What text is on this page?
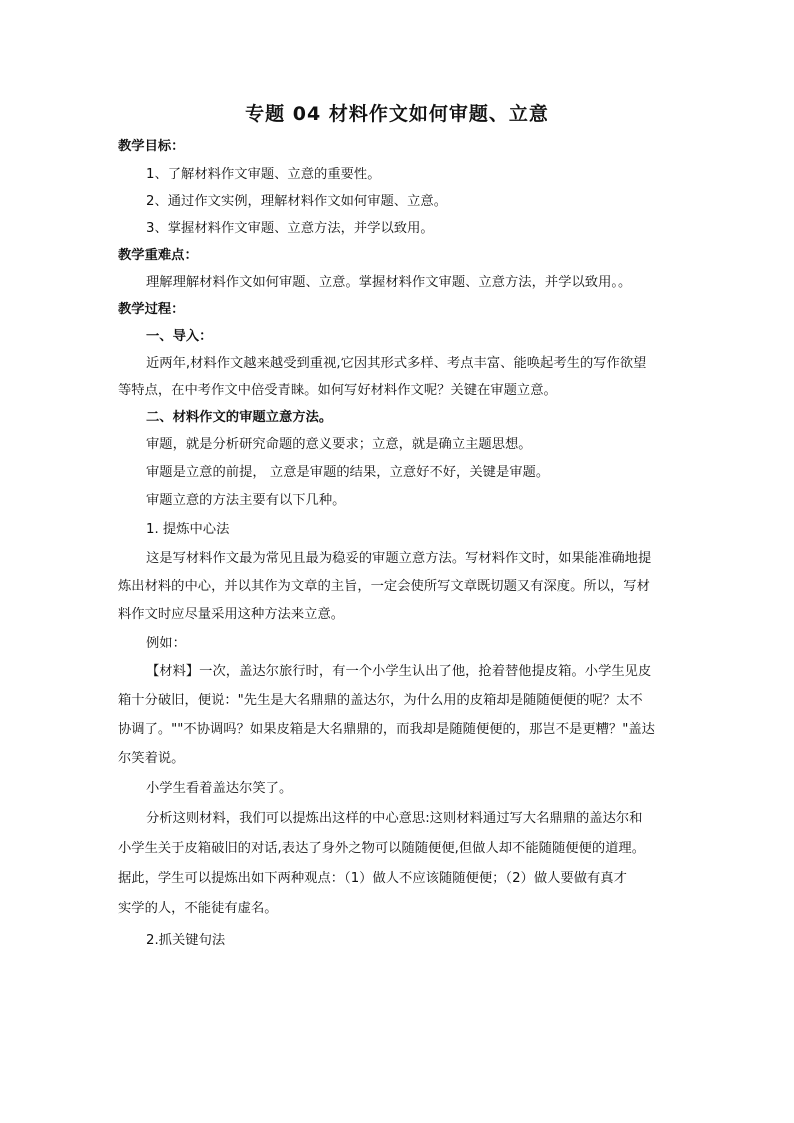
专题 04 材料作文如何审题、立意
教学目标：
1、了解材料作文审题、立意的重要性。
2、通过作文实例，理解材料作文如何审题、立意。
3、掌握材料作文审题、立意方法，并学以致用。
教学重难点：
理解理解材料作文如何审题、立意。掌握材料作文审题、立意方法，并学以致用。。
教学过程：
一、导入：
近两年,材料作文越来越受到重视,它因其形式多样、考点丰富、能唤起考生的写作欲望
等特点，在中考作文中倍受青睐。如何写好材料作文呢？关键在审题立意。
二、材料作文的审题立意方法。
审题，就是分析研究命题的意义要求；立意，就是确立主题思想。
审题是立意的前提， 立意是审题的结果，立意好不好，关键是审题。
审题立意的方法主要有以下几种。
1. 提炼中心法
这是写材料作文最为常见且最为稳妥的审题立意方法。写材料作文时，如果能准确地提
炼出材料的中心，并以其作为文章的主旨，一定会使所写文章既切题又有深度。所以，写材
料作文时应尽量采用这种方法来立意。
例如：
【材料】一次，盖达尔旅行时，有一个小学生认出了他，抢着替他提皮箱。小学生见皮
箱十分破旧，便说："先生是大名鼎鼎的盖达尔，为什么用的皮箱却是随随便便的呢？太不
协调了。""不协调吗？如果皮箱是大名鼎鼎的，而我却是随随便便的，那岂不是更糟？"盖达
尔笑着说。
小学生看着盖达尔笑了。
分析这则材料，我们可以提炼出这样的中心意思:这则材料通过写大名鼎鼎的盖达尔和
小学生关于皮箱破旧的对话,表达了身外之物可以随随便便,但做人却不能随随便便的道理。
据此，学生可以提炼出如下两种观点：（1）做人不应该随随便便；（2）做人要做有真才
实学的人，不能徒有虚名。
2.抓关键句法
